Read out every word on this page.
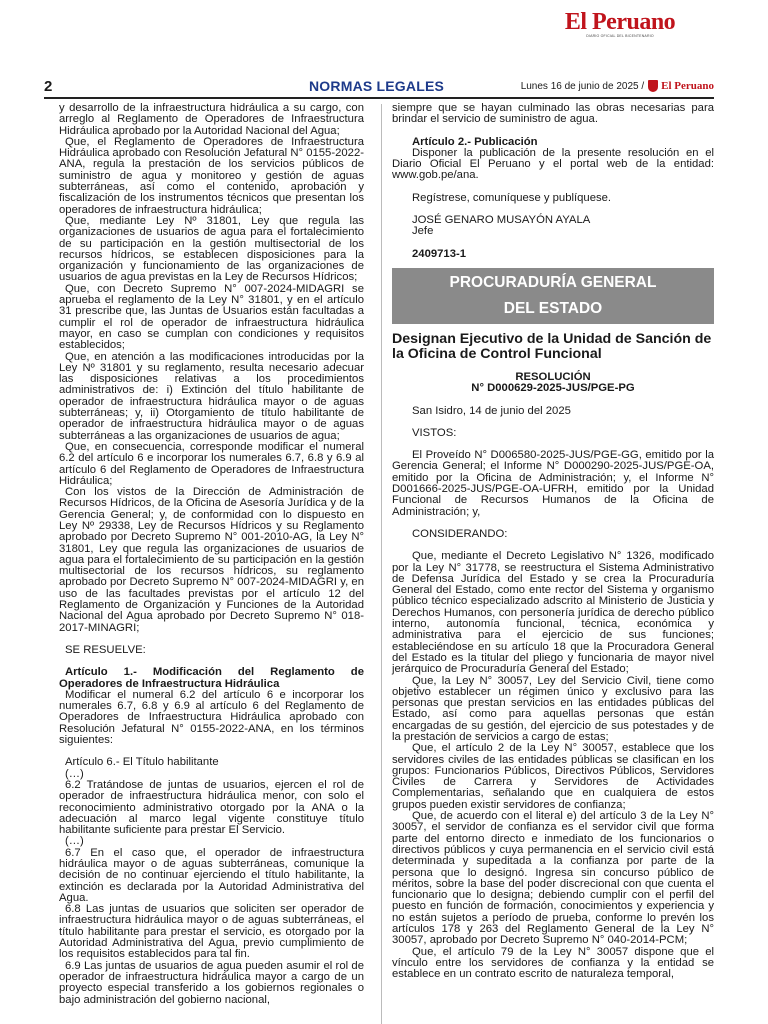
El Peruano
DIARIO OFICIAL DEL BICENTENARIO
2	NORMAS LEGALES	Lunes 16 de junio de 2025 / El Peruano

y desarrollo de la infraestructura hidráulica a su cargo, con arreglo al Reglamento de Operadores de Infraestructura Hidráulica aprobado por la Autoridad Nacional del Agua;

Que, el Reglamento de Operadores de Infraestructura Hidráulica aprobado con Resolución Jefatural N° 0155-2022-ANA, regula la prestación de los servicios públicos de suministro de agua y monitoreo y gestión de aguas subterráneas, así como el contenido, aprobación y fiscalización de los instrumentos técnicos que presentan los operadores de infraestructura hidráulica;

Que, mediante Ley Nº 31801, Ley que regula las organizaciones de usuarios de agua para el fortalecimiento de su participación en la gestión multisectorial de los recursos hídricos, se establecen disposiciones para la organización y funcionamiento de las organizaciones de usuarios de agua previstas en la Ley de Recursos Hídricos;

Que, con Decreto Supremo N° 007-2024-MIDAGRI se aprueba el reglamento de la Ley N° 31801, y en el artículo 31 prescribe que, las Juntas de Usuarios están facultadas a cumplir el rol de operador de infraestructura hidráulica mayor, en caso se cumplan con condiciones y requisitos establecidos;

Que, en atención a las modificaciones introducidas por la Ley Nº 31801 y su reglamento, resulta necesario adecuar las disposiciones relativas a los procedimientos administrativos de: i) Extinción del título habilitante de operador de infraestructura hidráulica mayor o de aguas subterráneas; y, ii) Otorgamiento de título habilitante de operador de infraestructura hidráulica mayor o de aguas subterráneas a las organizaciones de usuarios de agua;

Que, en consecuencia, corresponde modificar el numeral 6.2 del artículo 6 e incorporar los numerales 6.7, 6.8 y 6.9 al artículo 6 del Reglamento de Operadores de Infraestructura Hidráulica;

Con los vistos de la Dirección de Administración de Recursos Hídricos, de la Oficina de Asesoría Jurídica y de la Gerencia General; y, de conformidad con lo dispuesto en Ley Nº 29338, Ley de Recursos Hídricos y su Reglamento aprobado por Decreto Supremo N° 001-2010-AG, la Ley N° 31801, Ley que regula las organizaciones de usuarios de agua para el fortalecimiento de su participación en la gestión multisectorial de los recursos hídricos, su reglamento aprobado por Decreto Supremo N° 007-2024-MIDAGRI y, en uso de las facultades previstas por el artículo 12 del Reglamento de Organización y Funciones de la Autoridad Nacional del Agua aprobado por Decreto Supremo N° 018-2017-MINAGRI;

SE RESUELVE:

Artículo 1.- Modificación del Reglamento de Operadores de Infraestructura Hidráulica

Modificar el numeral 6.2 del artículo 6 e incorporar los numerales 6.7, 6.8 y 6.9 al artículo 6 del Reglamento de Operadores de Infraestructura Hidráulica aprobado con Resolución Jefatural N° 0155-2022-ANA, en los términos siguientes:

Artículo 6.- El Título habilitante

(…)

6.2 Tratándose de juntas de usuarios, ejercen el rol de operador de infraestructura hidráulica menor, con solo el reconocimiento administrativo otorgado por la ANA o la adecuación al marco legal vigente constituye título habilitante suficiente para prestar El Servicio.

(…)

6.7 En el caso que, el operador de infraestructura hidráulica mayor o de aguas subterráneas, comunique la decisión de no continuar ejerciendo el título habilitante, la extinción es declarada por la Autoridad Administrativa del Agua.

6.8 Las juntas de usuarios que soliciten ser operador de infraestructura hidráulica mayor o de aguas subterráneas, el título habilitante para prestar el servicio, es otorgado por la Autoridad Administrativa del Agua, previo cumplimiento de los requisitos establecidos para tal fin.

6.9 Las juntas de usuarios de agua pueden asumir el rol de operador de infraestructura hidráulica mayor a cargo de un proyecto especial transferido a los gobiernos regionales o bajo administración del gobierno nacional,

siempre que se hayan culminado las obras necesarias para brindar el servicio de suministro de agua.

Artículo 2.- Publicación

Disponer la publicación de la presente resolución en el Diario Oficial El Peruano y el portal web de la entidad: www.gob.pe/ana.

Regístrese, comuníquese y publíquese.

JOSÉ GENARO MUSAYÓN AYALA

Jefe

2409713-1

PROCURADURÍA GENERAL
DEL ESTADO

Designan Ejecutivo de la Unidad de Sanción de la Oficina de Control Funcional

RESOLUCIÓN

N° D000629-2025-JUS/PGE-PG

San Isidro, 14 de junio del 2025

VISTOS:

El Proveído N° D006580-2025-JUS/PGE-GG, emitido por la Gerencia General; el Informe N° D000290-2025-JUS/PGE-OA, emitido por la Oficina de Administración; y, el Informe N° D001666-2025-JUS/PGE-OA-UFRH, emitido por la Unidad Funcional de Recursos Humanos de la Oficina de Administración; y,

CONSIDERANDO:

Que, mediante el Decreto Legislativo N° 1326, modificado por la Ley N° 31778, se reestructura el Sistema Administrativo de Defensa Jurídica del Estado y se crea la Procuraduría General del Estado, como ente rector del Sistema y organismo público técnico especializado adscrito al Ministerio de Justicia y Derechos Humanos, con personería jurídica de derecho público interno, autonomía funcional, técnica, económica y administrativa para el ejercicio de sus funciones; estableciéndose en su artículo 18 que la Procuradora General del Estado es la titular del pliego y funcionaria de mayor nivel jerárquico de Procuraduría General del Estado;

Que, la Ley N° 30057, Ley del Servicio Civil, tiene como objetivo establecer un régimen único y exclusivo para las personas que prestan servicios en las entidades públicas del Estado, así como para aquellas personas que están encargadas de su gestión, del ejercicio de sus potestades y de la prestación de servicios a cargo de estas;

Que, el artículo 2 de la Ley N° 30057, establece que los servidores civiles de las entidades públicas se clasifican en los grupos: Funcionarios Públicos, Directivos Públicos, Servidores Civiles de Carrera y Servidores de Actividades Complementarias, señalando que en cualquiera de estos grupos pueden existir servidores de confianza;

Que, de acuerdo con el literal e) del artículo 3 de la Ley N° 30057, el servidor de confianza es el servidor civil que forma parte del entorno directo e inmediato de los funcionarios o directivos públicos y cuya permanencia en el servicio civil está determinada y supeditada a la confianza por parte de la persona que lo designó. Ingresa sin concurso público de méritos, sobre la base del poder discrecional con que cuenta el funcionario que lo designa; debiendo cumplir con el perfil del puesto en función de formación, conocimientos y experiencia y no están sujetos a período de prueba, conforme lo prevén los artículos 178 y 263 del Reglamento General de la Ley N° 30057, aprobado por Decreto Supremo N° 040-2014-PCM;

Que, el artículo 79 de la Ley N° 30057 dispone que el vínculo entre los servidores de confianza y la entidad se establece en un contrato escrito de naturaleza temporal,
